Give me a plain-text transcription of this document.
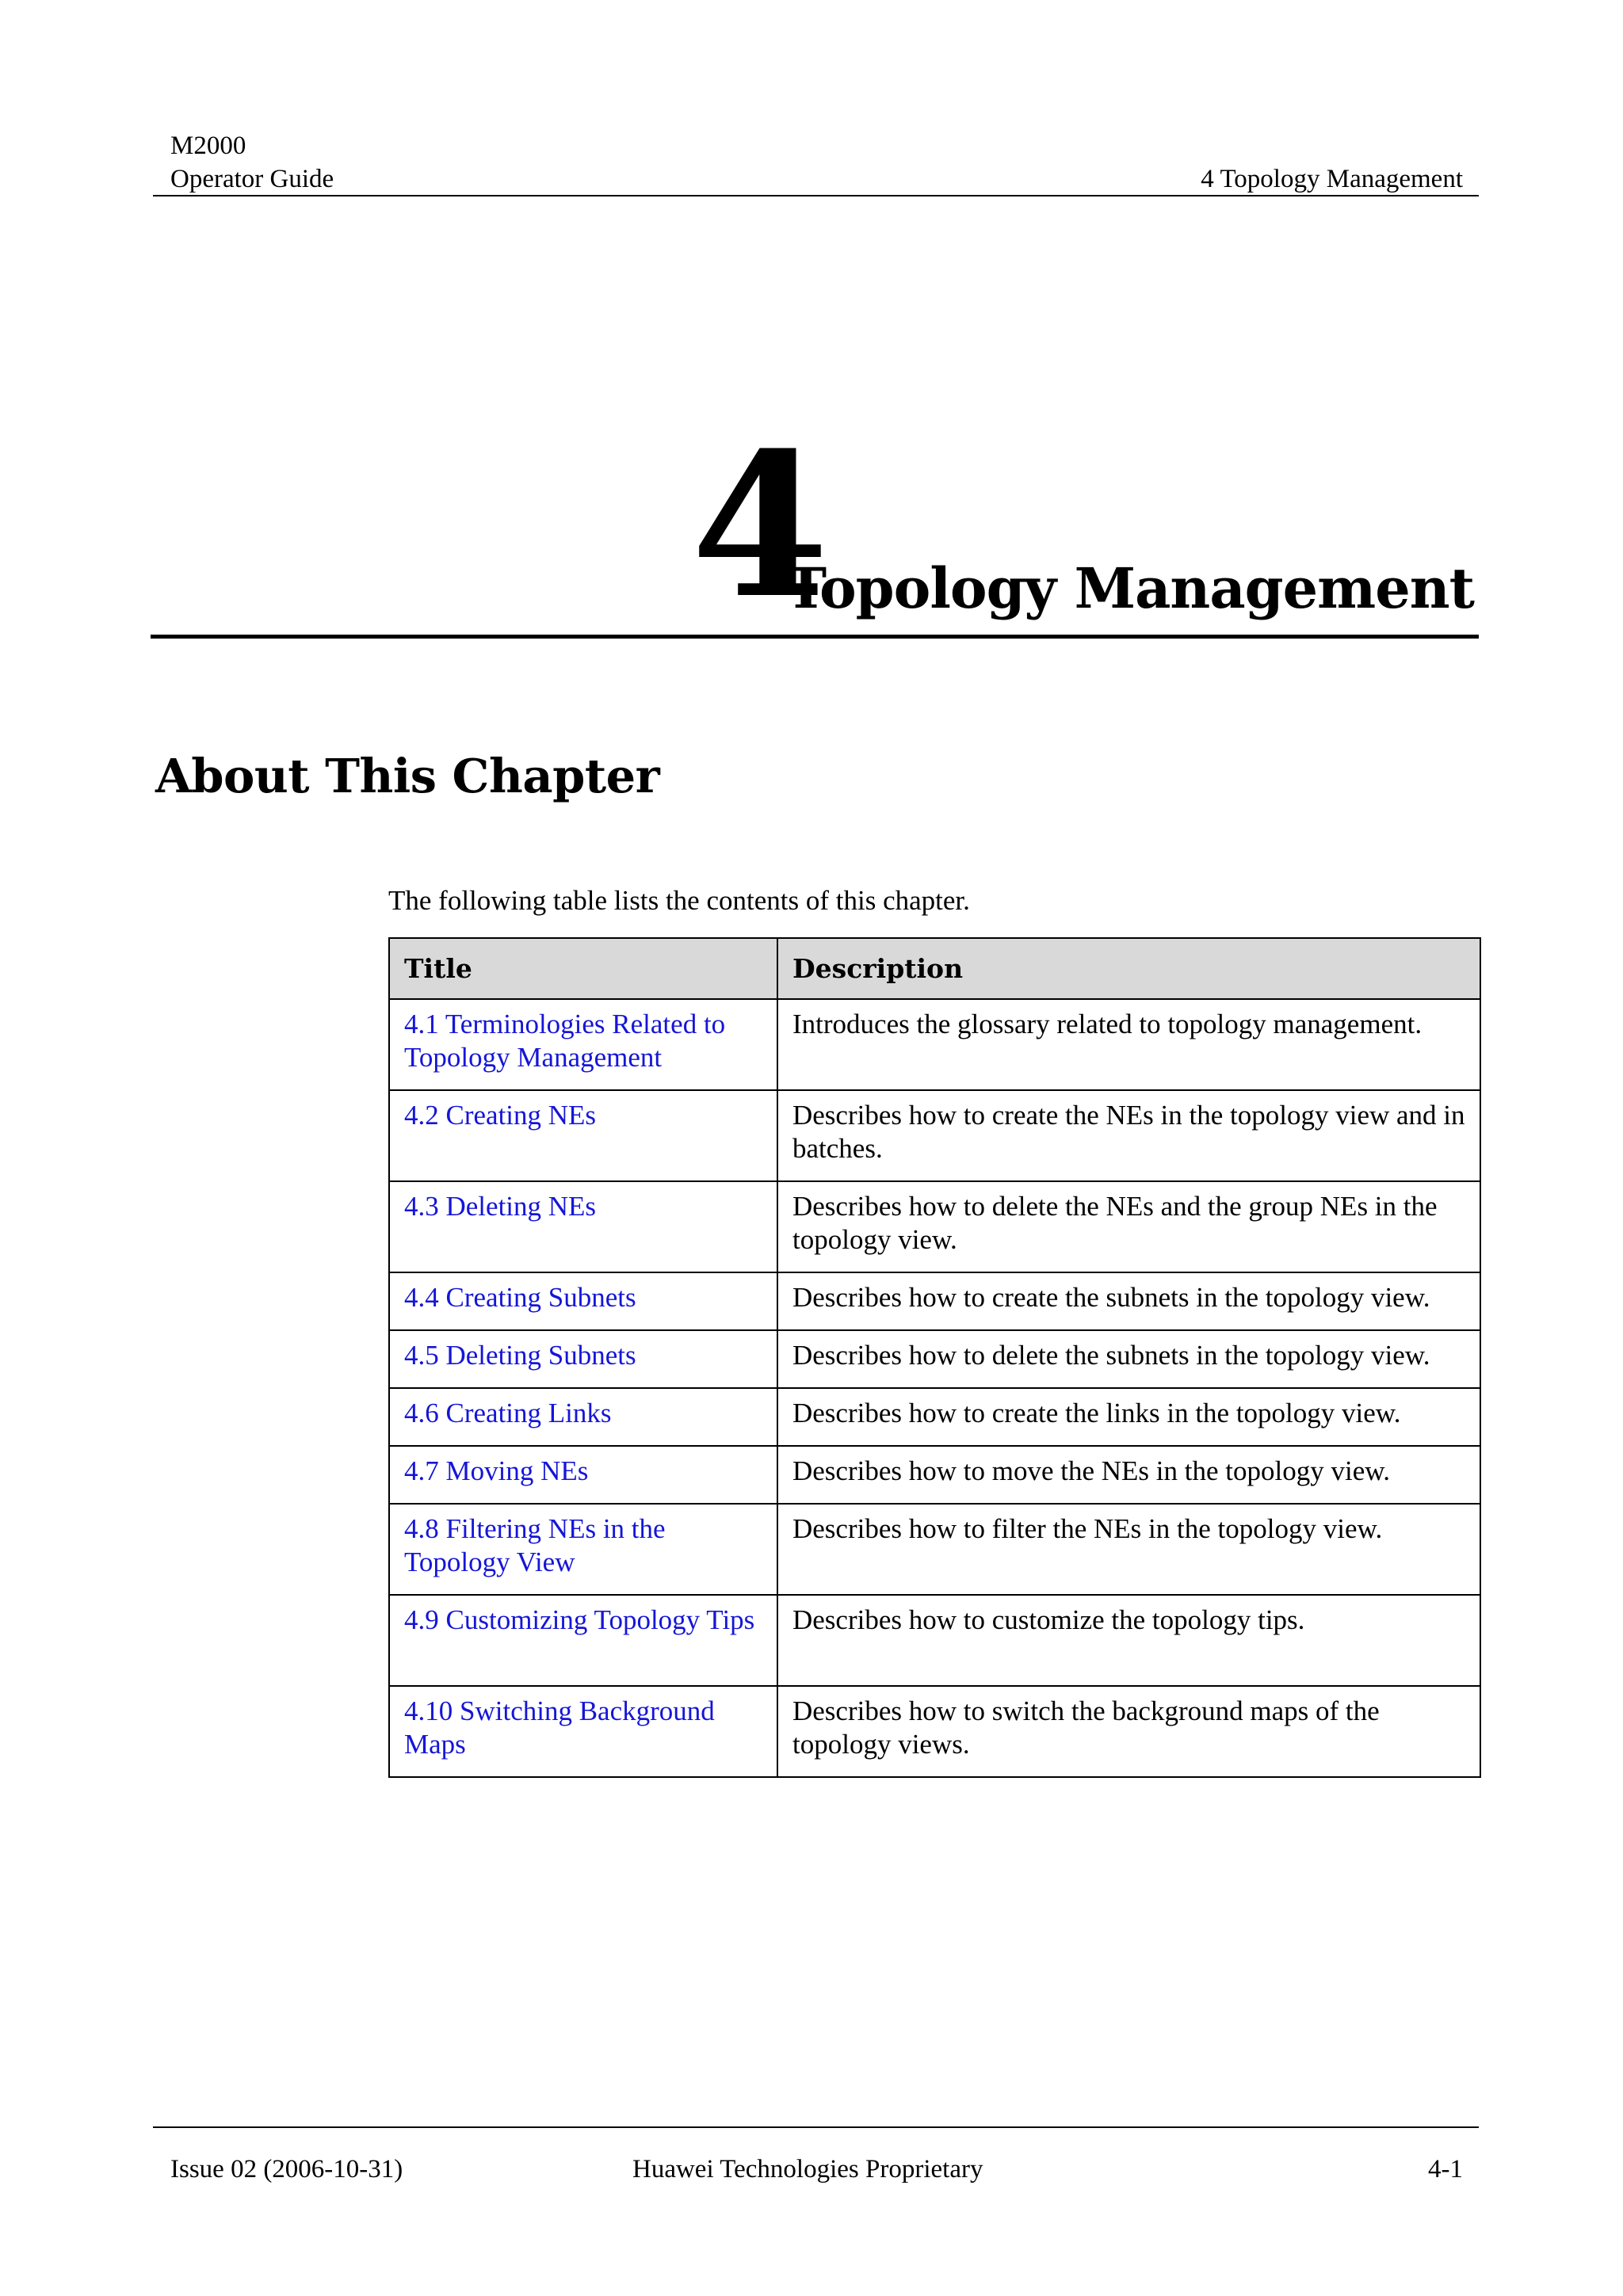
M2000
Operator Guide	4 Topology Management
4
Topology Management
About This Chapter

The following table lists the contents of this chapter.

Title	Description
4.1 Terminologies Related to Topology Management	Introduces the glossary related to topology management.
4.2 Creating NEs	Describes how to create the NEs in the topology view and in batches.
4.3 Deleting NEs	Describes how to delete the NEs and the group NEs in the topology view.
4.4 Creating Subnets	Describes how to create the subnets in the topology view.
4.5 Deleting Subnets	Describes how to delete the subnets in the topology view.
4.6 Creating Links	Describes how to create the links in the topology view.
4.7 Moving NEs	Describes how to move the NEs in the topology view.
4.8 Filtering NEs in the Topology View	Describes how to filter the NEs in the topology view.
4.9 Customizing Topology Tips	Describes how to customize the topology tips.
4.10 Switching Background Maps	Describes how to switch the background maps of the topology views.
Issue 02 (2006-10-31)	Huawei Technologies Proprietary	4-1
